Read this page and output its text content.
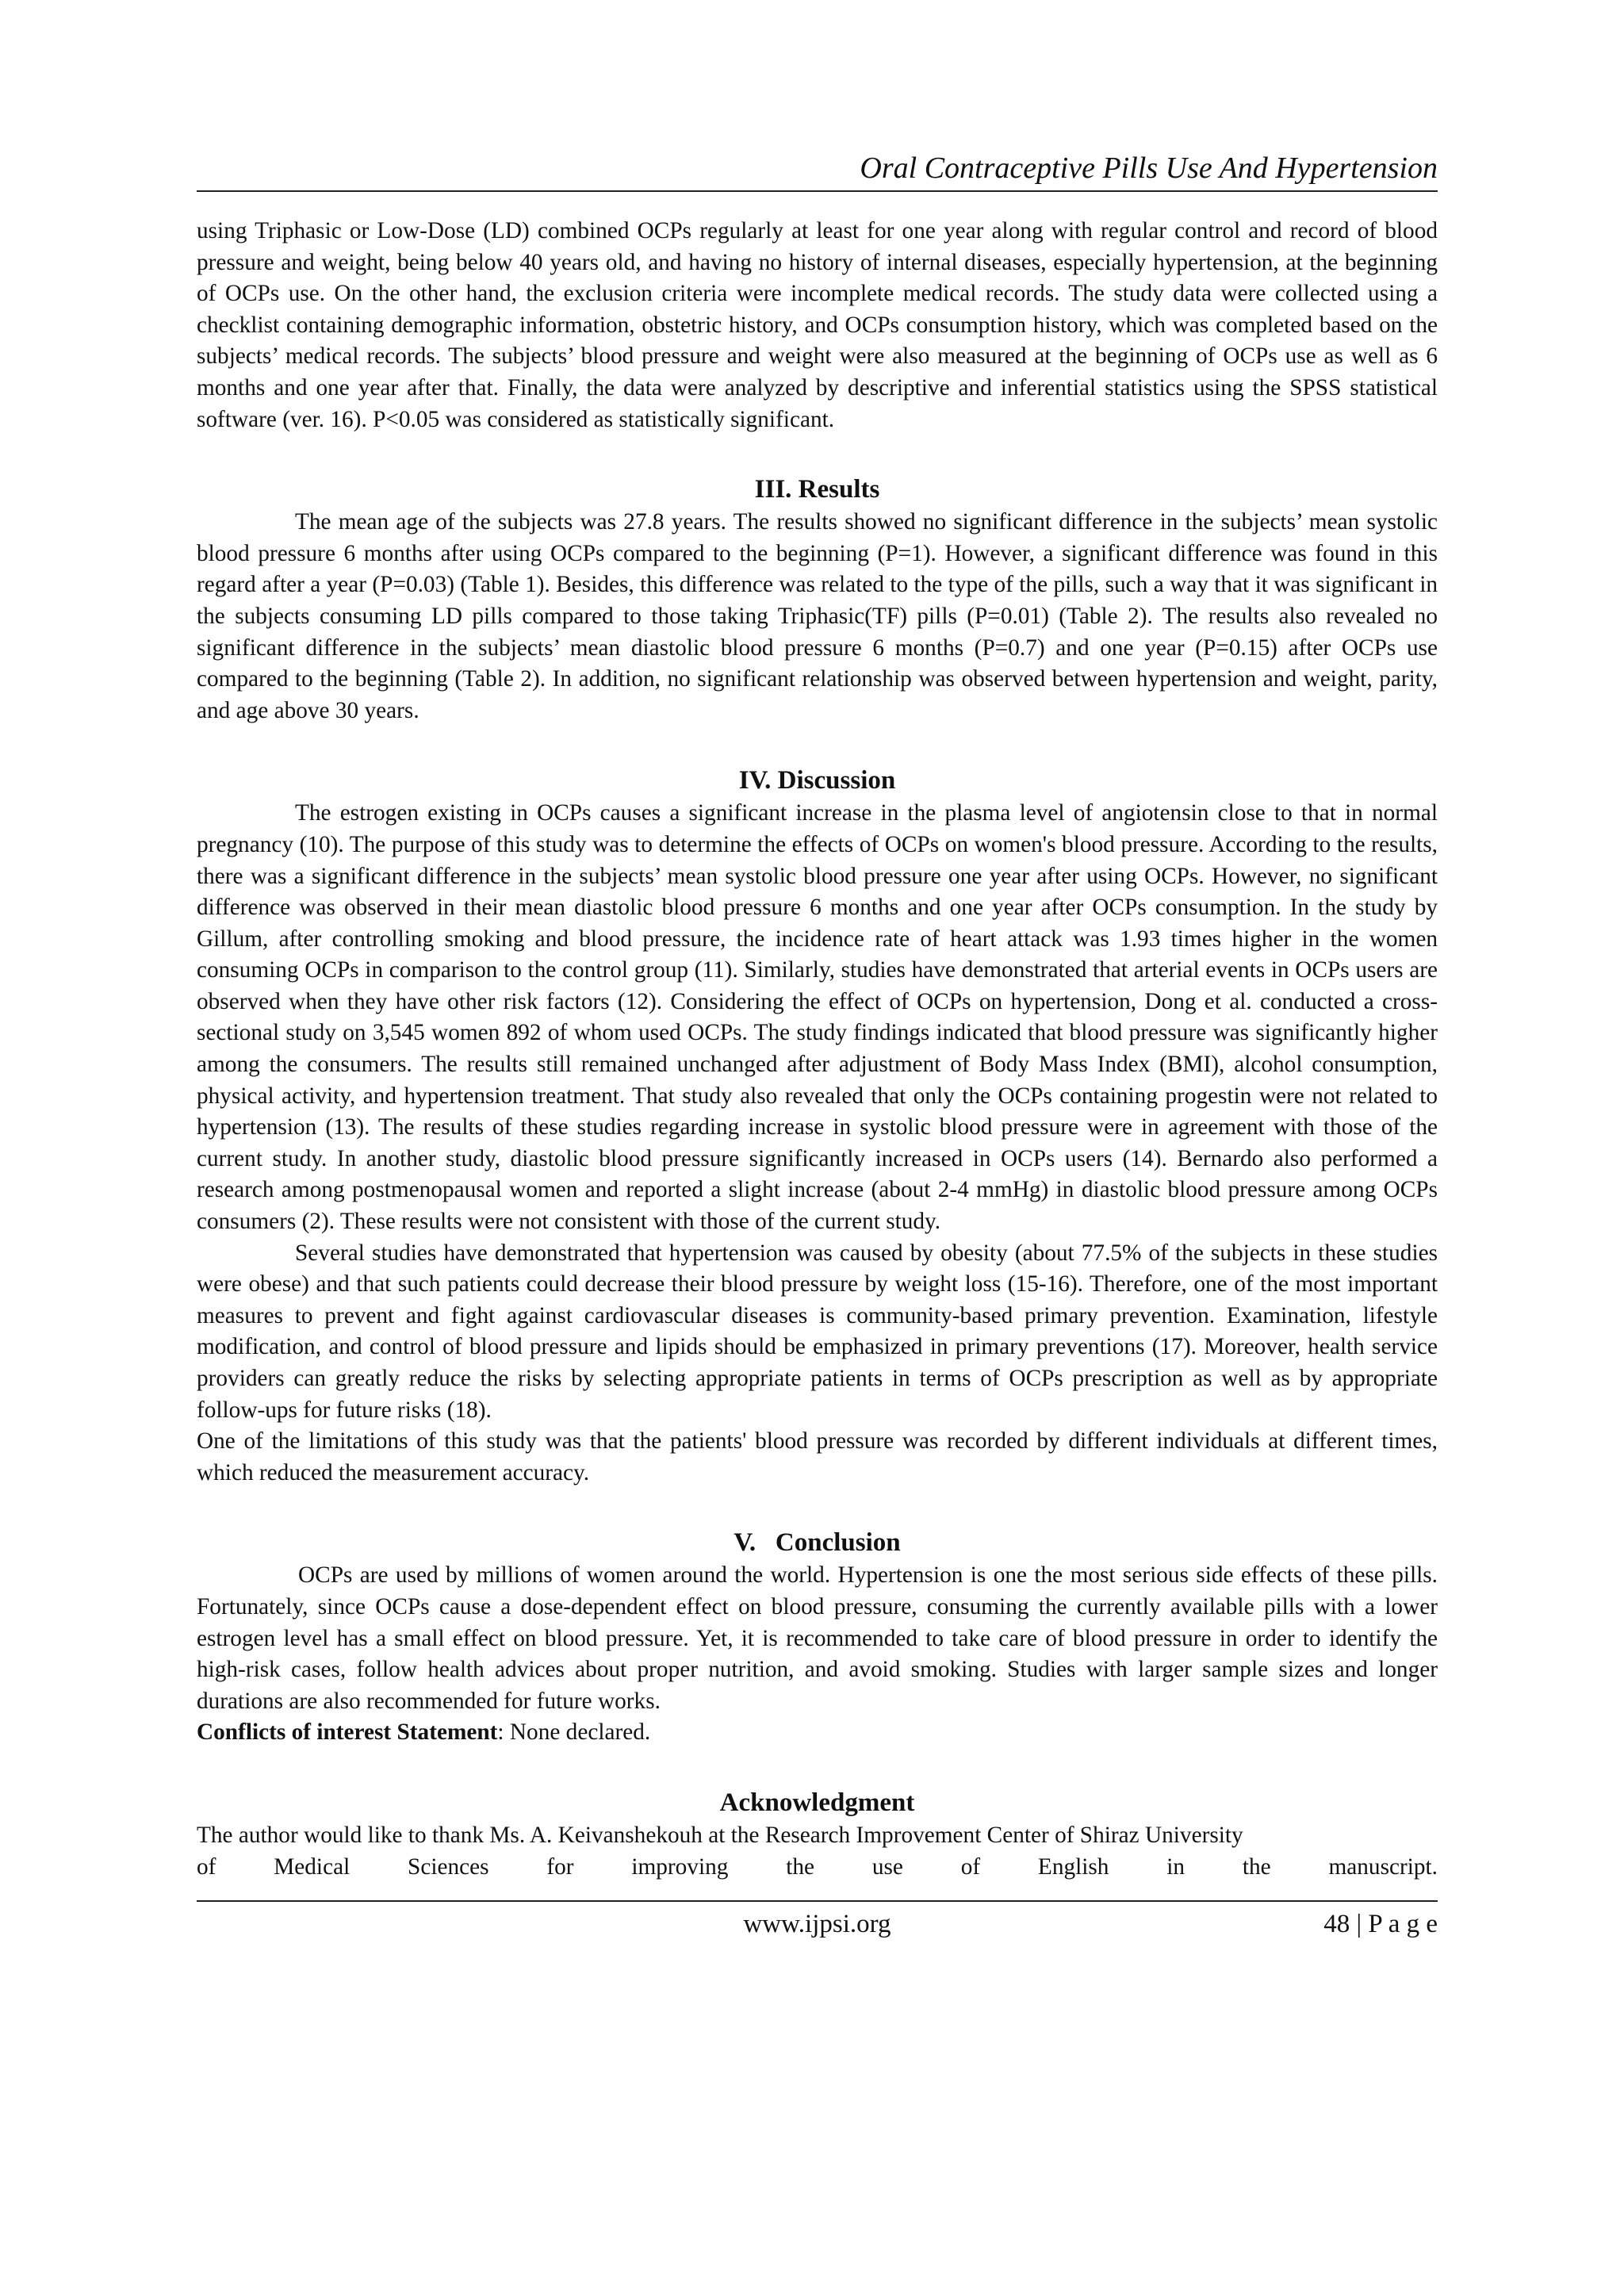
Oral Contraceptive Pills Use And Hypertension

using Triphasic or Low-Dose (LD) combined OCPs regularly at least for one year along with regular control and record of blood pressure and weight, being below 40 years old, and having no history of internal diseases, especially hypertension, at the beginning of OCPs use. On the other hand, the exclusion criteria were incomplete medical records. The study data were collected using a checklist containing demographic information, obstetric history, and OCPs consumption history, which was completed based on the subjects’ medical records. The subjects’ blood pressure and weight were also measured at the beginning of OCPs use as well as 6 months and one year after that. Finally, the data were analyzed by descriptive and inferential statistics using the SPSS statistical software (ver. 16). P<0.05 was considered as statistically significant.

III. Results

The mean age of the subjects was 27.8 years. The results showed no significant difference in the subjects’ mean systolic blood pressure 6 months after using OCPs compared to the beginning (P=1). However, a significant difference was found in this regard after a year (P=0.03) (Table 1). Besides, this difference was related to the type of the pills, such a way that it was significant in the subjects consuming LD pills compared to those taking Triphasic(TF) pills (P=0.01) (Table 2). The results also revealed no significant difference in the subjects’ mean diastolic blood pressure 6 months (P=0.7) and one year (P=0.15) after OCPs use compared to the beginning (Table 2). In addition, no significant relationship was observed between hypertension and weight, parity, and age above 30 years.

IV. Discussion

The estrogen existing in OCPs causes a significant increase in the plasma level of angiotensin close to that in normal pregnancy (10). The purpose of this study was to determine the effects of OCPs on women's blood pressure. According to the results, there was a significant difference in the subjects’ mean systolic blood pressure one year after using OCPs. However, no significant difference was observed in their mean diastolic blood pressure 6 months and one year after OCPs consumption. In the study by Gillum, after controlling smoking and blood pressure, the incidence rate of heart attack was 1.93 times higher in the women consuming OCPs in comparison to the control group (11). Similarly, studies have demonstrated that arterial events in OCPs users are observed when they have other risk factors (12). Considering the effect of OCPs on hypertension, Dong et al. conducted a cross-sectional study on 3,545 women 892 of whom used OCPs. The study findings indicated that blood pressure was significantly higher among the consumers. The results still remained unchanged after adjustment of Body Mass Index (BMI), alcohol consumption, physical activity, and hypertension treatment. That study also revealed that only the OCPs containing progestin were not related to hypertension (13). The results of these studies regarding increase in systolic blood pressure were in agreement with those of the current study. In another study, diastolic blood pressure significantly increased in OCPs users (14). Bernardo also performed a research among postmenopausal women and reported a slight increase (about 2-4 mmHg) in diastolic blood pressure among OCPs consumers (2). These results were not consistent with those of the current study.

Several studies have demonstrated that hypertension was caused by obesity (about 77.5% of the subjects in these studies were obese) and that such patients could decrease their blood pressure by weight loss (15-16). Therefore, one of the most important measures to prevent and fight against cardiovascular diseases is community-based primary prevention. Examination, lifestyle modification, and control of blood pressure and lipids should be emphasized in primary preventions (17). Moreover, health service providers can greatly reduce the risks by selecting appropriate patients in terms of OCPs prescription as well as by appropriate follow-ups for future risks (18).

One of the limitations of this study was that the patients' blood pressure was recorded by different individuals at different times, which reduced the measurement accuracy.

V.   Conclusion

OCPs are used by millions of women around the world. Hypertension is one the most serious side effects of these pills. Fortunately, since OCPs cause a dose-dependent effect on blood pressure, consuming the currently available pills with a lower estrogen level has a small effect on blood pressure. Yet, it is recommended to take care of blood pressure in order to identify the high-risk cases, follow health advices about proper nutrition, and avoid smoking. Studies with larger sample sizes and longer durations are also recommended for future works.

Conflicts of interest Statement: None declared.

Acknowledgment

The author would like to thank Ms. A. Keivanshekouh at the Research Improvement Center of Shiraz University

of Medical Sciences for improving the use of English in the manuscript.

www.ijpsi.org	48 | P a g e
